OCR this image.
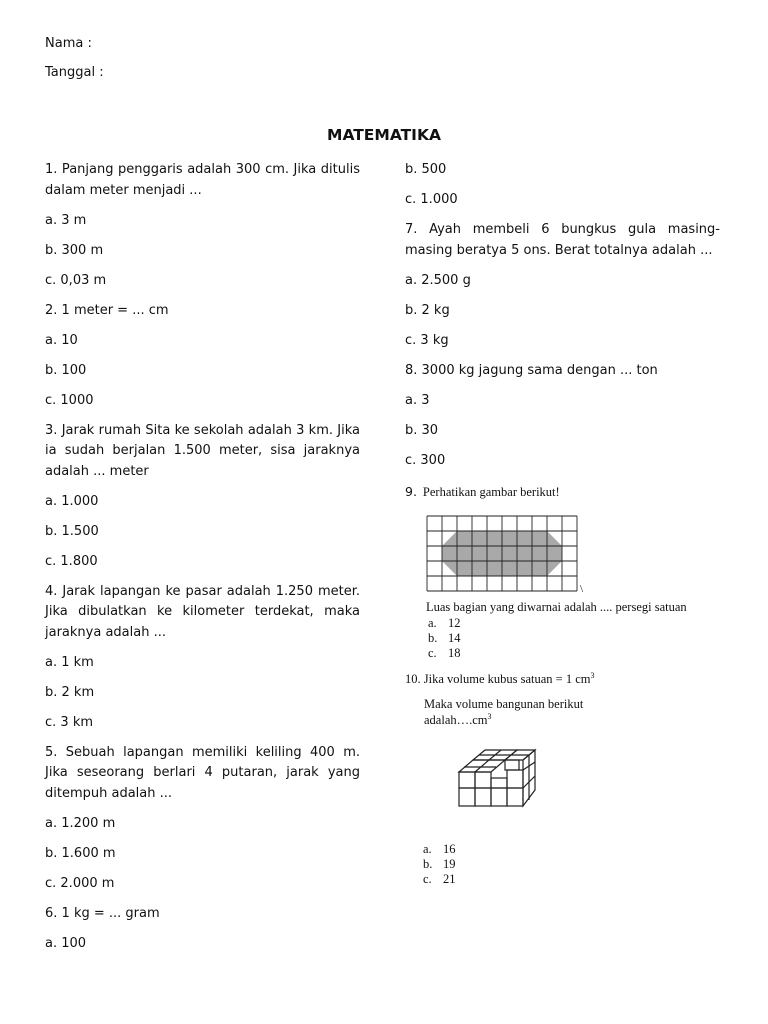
Nama :
Tanggal :
MATEMATIKA

1. Panjang penggaris adalah 300 cm. Jika ditulis dalam meter menjadi ...

a. 3 m

b. 300 m

c. 0,03 m

2. 1 meter = ... cm

a. 10

b. 100

c. 1000

3. Jarak rumah Sita ke sekolah adalah 3 km. Jika ia sudah berjalan 1.500 meter, sisa jaraknya adalah ... meter

a. 1.000

b. 1.500

c. 1.800

4. Jarak lapangan ke pasar adalah 1.250 meter. Jika dibulatkan ke kilometer terdekat, maka jaraknya adalah ...

a. 1 km

b. 2 km

c. 3 km

5. Sebuah lapangan memiliki keliling 400 m. Jika seseorang berlari 4 putaran, jarak yang ditempuh adalah ...

a. 1.200 m

b. 1.600 m

c. 2.000 m

6. 1 kg = ... gram

a. 100

b. 500

c. 1.000

7. Ayah membeli 6 bungkus gula masing-masing beratya 5 ons. Berat totalnya adalah ...

a. 2.500 g

b. 2 kg

c. 3 kg

8. 3000 kg jagung sama dengan ... ton

a. 3

b. 30

c. 300

9. Perhatikan gambar berikut!
\
Luas bagian yang diwarnai adalah .... persegi satuan
a. 12
b. 14
c. 18
10. Jika volume kubus satuan = 1 $cm^3$
Maka volume bangunan berikut
$adalah\dots.cm^3$
a. 16
b. 19
c. 21
